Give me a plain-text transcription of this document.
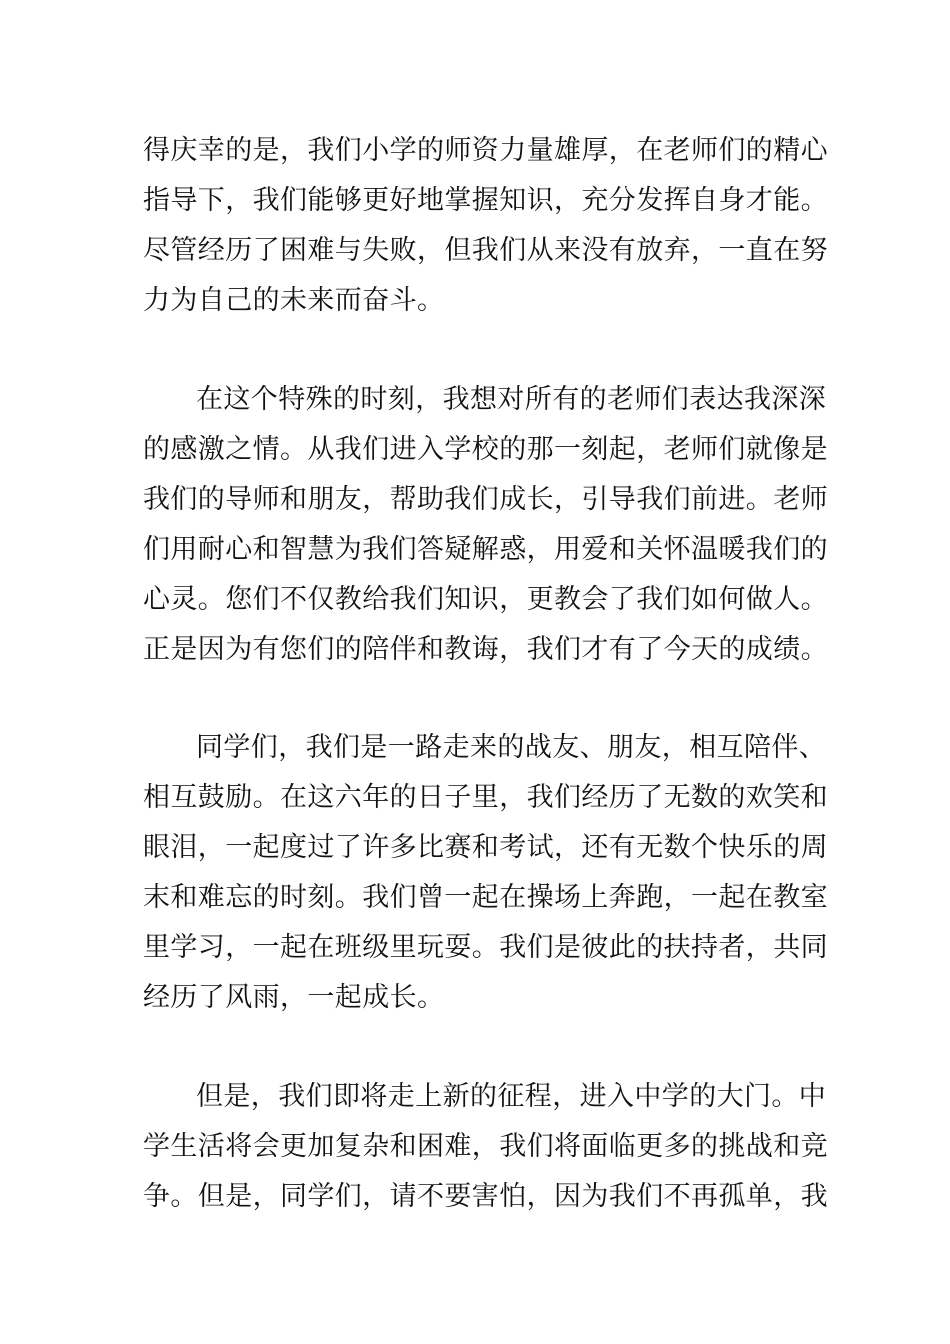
得庆幸的是，我们小学的师资力量雄厚，在老师们的精心
指导下，我们能够更好地掌握知识，充分发挥自身才能。
尽管经历了困难与失败，但我们从来没有放弃，一直在努
力为自己的未来而奋斗。
在这个特殊的时刻，我想对所有的老师们表达我深深
的感激之情。从我们进入学校的那一刻起，老师们就像是
我们的导师和朋友，帮助我们成长，引导我们前进。老师
们用耐心和智慧为我们答疑解惑，用爱和关怀温暖我们的
心灵。您们不仅教给我们知识，更教会了我们如何做人。
正是因为有您们的陪伴和教诲，我们才有了今天的成绩。
同学们，我们是一路走来的战友、朋友，相互陪伴、
相互鼓励。在这六年的日子里，我们经历了无数的欢笑和
眼泪，一起度过了许多比赛和考试，还有无数个快乐的周
末和难忘的时刻。我们曾一起在操场上奔跑，一起在教室
里学习，一起在班级里玩耍。我们是彼此的扶持者，共同
经历了风雨，一起成长。
但是，我们即将走上新的征程，进入中学的大门。中
学生活将会更加复杂和困难，我们将面临更多的挑战和竞
争。但是，同学们，请不要害怕，因为我们不再孤单，我
